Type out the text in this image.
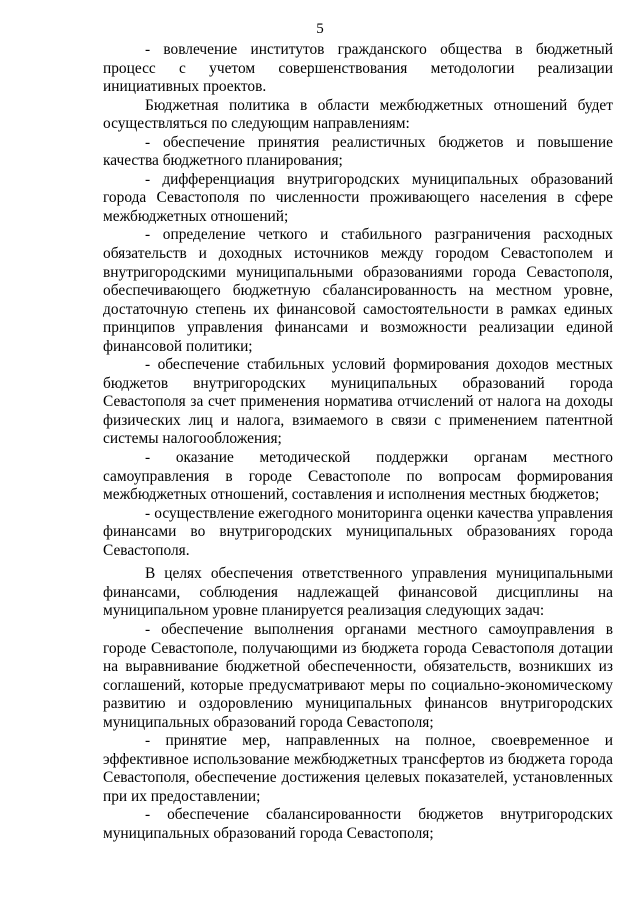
5

- вовлечение институтов гражданского общества в бюджетный процесс с учетом совершенствования методологии реализации инициативных проектов.

Бюджетная политика в области межбюджетных отношений будет осуществляться по следующим направлениям:

- обеспечение принятия реалистичных бюджетов и повышение качества бюджетного планирования;

- дифференциация внутригородских муниципальных образований города Севастополя по численности проживающего населения в сфере межбюджетных отношений;

- определение четкого и стабильного разграничения расходных обязательств и доходных источников между городом Севастополем и внутригородскими муниципальными образованиями города Севастополя, обеспечивающего бюджетную сбалансированность на местном уровне, достаточную степень их финансовой самостоятельности в рамках единых принципов управления финансами и возможности реализации единой финансовой политики;

- обеспечение стабильных условий формирования доходов местных бюджетов внутригородских муниципальных образований города Севастополя за счет применения норматива отчислений от налога на доходы физических лиц и налога, взимаемого в связи с применением патентной системы налогообложения;

- оказание методической поддержки органам местного самоуправления в городе Севастополе по вопросам формирования межбюджетных отношений, составления и исполнения местных бюджетов;

- осуществление ежегодного мониторинга оценки качества управления финансами во внутригородских муниципальных образованиях города Севастополя.

В целях обеспечения ответственного управления муниципальными финансами, соблюдения надлежащей финансовой дисциплины на муниципальном уровне планируется реализация следующих задач:

- обеспечение выполнения органами местного самоуправления в городе Севастополе, получающими из бюджета города Севастополя дотации на выравнивание бюджетной обеспеченности, обязательств, возникших из соглашений, которые предусматривают меры по социально-экономическому развитию и оздоровлению муниципальных финансов внутригородских муниципальных образований города Севастополя;

- принятие мер, направленных на полное, своевременное и эффективное использование межбюджетных трансфертов из бюджета города Севастополя, обеспечение достижения целевых показателей, установленных при их предоставлении;

- обеспечение сбалансированности бюджетов внутригородских муниципальных образований города Севастополя;
